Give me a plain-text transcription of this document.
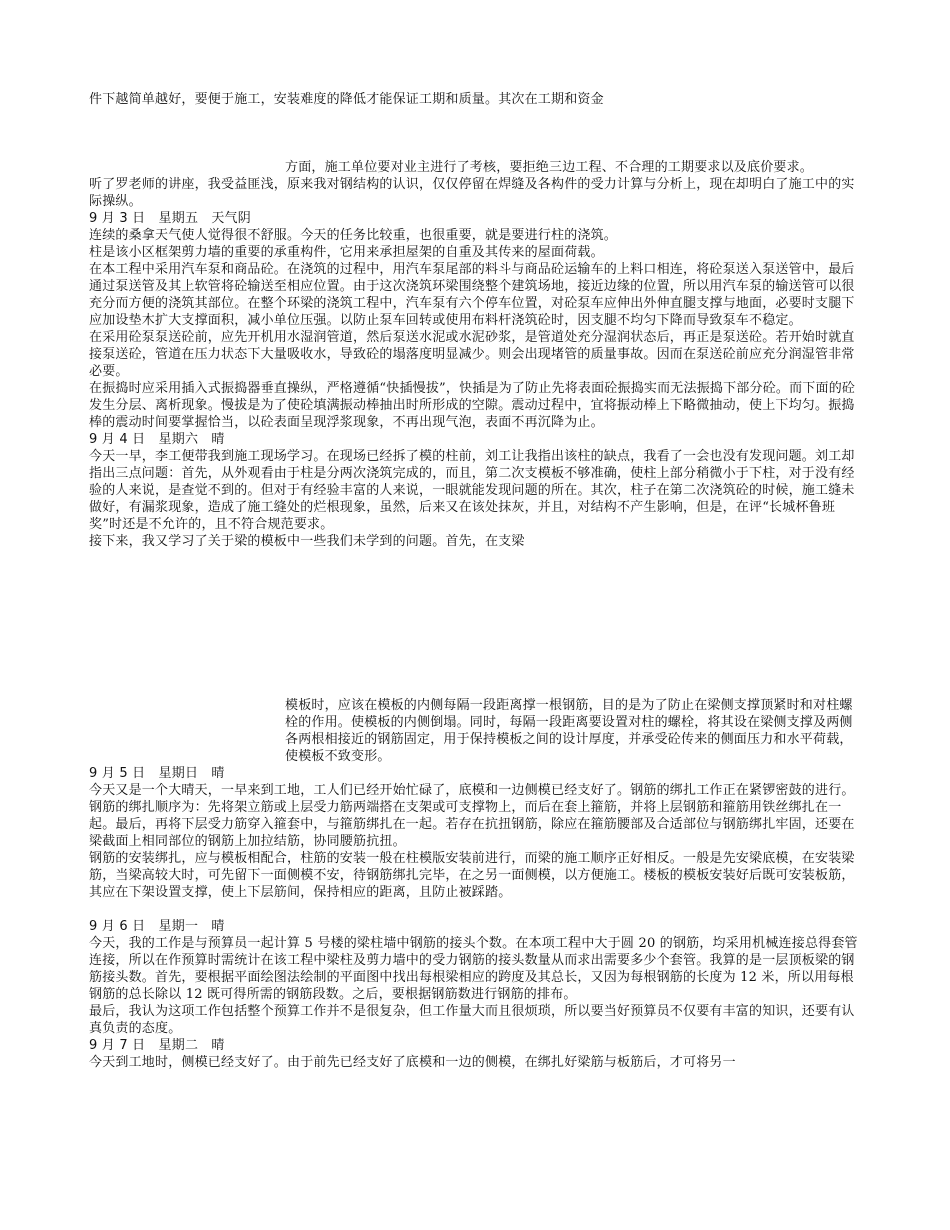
件下越简单越好，要便于施工，安装难度的降低才能保证工期和质量。其次在工期和资金

方面，施工单位要对业主进行了考核，要拒绝三边工程、不合理的工期要求以及底价要求。

听了罗老师的讲座，我受益匪浅，原来我对钢结构的认识，仅仅停留在焊缝及各构件的受力计算与分析上，现在却明白了施工中的实际操纵。

9 月 3 日　星期五　天气阴

连续的桑拿天气使人觉得很不舒服。今天的任务比较重，也很重要，就是要进行柱的浇筑。

柱是该小区框架剪力墙的重要的承重构件，它用来承担屋架的自重及其传来的屋面荷载。

在本工程中采用汽车泵和商品砼。在浇筑的过程中，用汽车泵尾部的料斗与商品砼运输车的上料口相连，将砼泵送入泵送管中，最后通过泵送管及其上软管将砼输送至相应位置。由于这次浇筑环梁围绕整个建筑场地，接近边缘的位置，所以用汽车泵的输送管可以很充分而方便的浇筑其部位。在整个环梁的浇筑工程中，汽车泵有六个停车位置，对砼泵车应伸出外伸直腿支撑与地面，必要时支腿下应加设垫木扩大支撑面积，减小单位压强。以防止泵车回转或使用布料杆浇筑砼时，因支腿不均匀下降而导致泵车不稳定。

在采用砼泵泵送砼前，应先开机用水湿润管道，然后泵送水泥或水泥砂浆，是管道处充分湿润状态后，再正是泵送砼。若开始时就直接泵送砼，管道在压力状态下大量吸收水，导致砼的塌落度明显减少。则会出现堵管的质量事故。因而在泵送砼前应充分润湿管非常必要。

在振捣时应采用插入式振捣器垂直操纵，严格遵循“快插慢拔”，快插是为了防止先将表面砼振捣实而无法振捣下部分砼。而下面的砼发生分层、离析现象。慢拔是为了使砼填满振动棒抽出时所形成的空隙。震动过程中，宜将振动棒上下略微抽动，使上下均匀。振捣棒的震动时间要掌握恰当，以砼表面呈现浮浆现象，不再出现气泡，表面不再沉降为止。

9 月 4 日　星期六　晴

今天一早，李工便带我到施工现场学习。在现场已经拆了模的柱前，刘工让我指出该柱的缺点，我看了一会也没有发现问题。刘工却指出三点问题：首先，从外观看由于柱是分两次浇筑完成的，而且，第二次支模板不够准确，使柱上部分稍微小于下柱，对于没有经验的人来说，是查觉不到的。但对于有经验丰富的人来说，一眼就能发现问题的所在。其次，柱子在第二次浇筑砼的时候，施工缝未做好，有漏浆现象，造成了施工缝处的烂根现象，虽然，后来又在该处抹灰，并且，对结构不产生影响，但是，在评“长城杯鲁班奖”时还是不允许的，且不符合规范要求。

接下来，我又学习了关于梁的模板中一些我们未学到的问题。首先，在支梁

模板时，应该在模板的内侧每隔一段距离撑一根钢筋，目的是为了防止在梁侧支撑顶紧时和对柱螺栓的作用。使模板的内侧倒塌。同时，每隔一段距离要设置对柱的螺栓，将其设在梁侧支撑及两侧各两根相接近的钢筋固定，用于保持模板之间的设计厚度，并承受砼传来的侧面压力和水平荷载，使模板不致变形。

9 月 5 日　星期日　晴

今天又是一个大晴天，一早来到工地，工人们已经开始忙碌了，底模和一边侧模已经支好了。钢筋的绑扎工作正在紧锣密鼓的进行。

钢筋的绑扎顺序为：先将架立筋或上层受力筋两端搭在支架或可支撑物上，而后在套上箍筋，并将上层钢筋和箍筋用铁丝绑扎在一起。最后，再将下层受力筋穿入箍套中，与箍筋绑扎在一起。若存在抗扭钢筋，除应在箍筋腰部及合适部位与钢筋绑扎牢固，还要在梁截面上相同部位的钢筋上加拉结筋，协同腰筋抗扭。

钢筋的安装绑扎，应与模板相配合，柱筋的安装一般在柱模版安装前进行，而梁的施工顺序正好相反。一般是先安梁底模，在安装梁筋，当梁高较大时，可先留下一面侧模不安，待钢筋绑扎完毕，在之另一面侧模，以方便施工。楼板的模板安装好后既可安装板筋，其应在下架设置支撑，使上下层筋间，保持相应的距离，且防止被踩踏。

9 月 6 日　星期一　晴

今天，我的工作是与预算员一起计算 5 号楼的梁柱墙中钢筋的接头个数。在本项工程中大于圆 20 的钢筋，均采用机械连接总得套管连接，所以在作预算时需统计在该工程中梁柱及剪力墙中的受力钢筋的接头数量从而求出需要多少个套管。我算的是一层顶板梁的钢筋接头数。首先，要根据平面绘图法绘制的平面图中找出每根梁相应的跨度及其总长，又因为每根钢筋的长度为 12 米，所以用每根钢筋的总长除以 12 既可得所需的钢筋段数。之后，要根据钢筋数进行钢筋的排布。

最后，我认为这项工作包括整个预算工作并不是很复杂，但工作量大而且很烦琐，所以要当好预算员不仅要有丰富的知识，还要有认真负责的态度。

9 月 7 日　星期二　晴

今天到工地时，侧模已经支好了。由于前先已经支好了底模和一边的侧模，在绑扎好梁筋与板筋后，才可将另一
